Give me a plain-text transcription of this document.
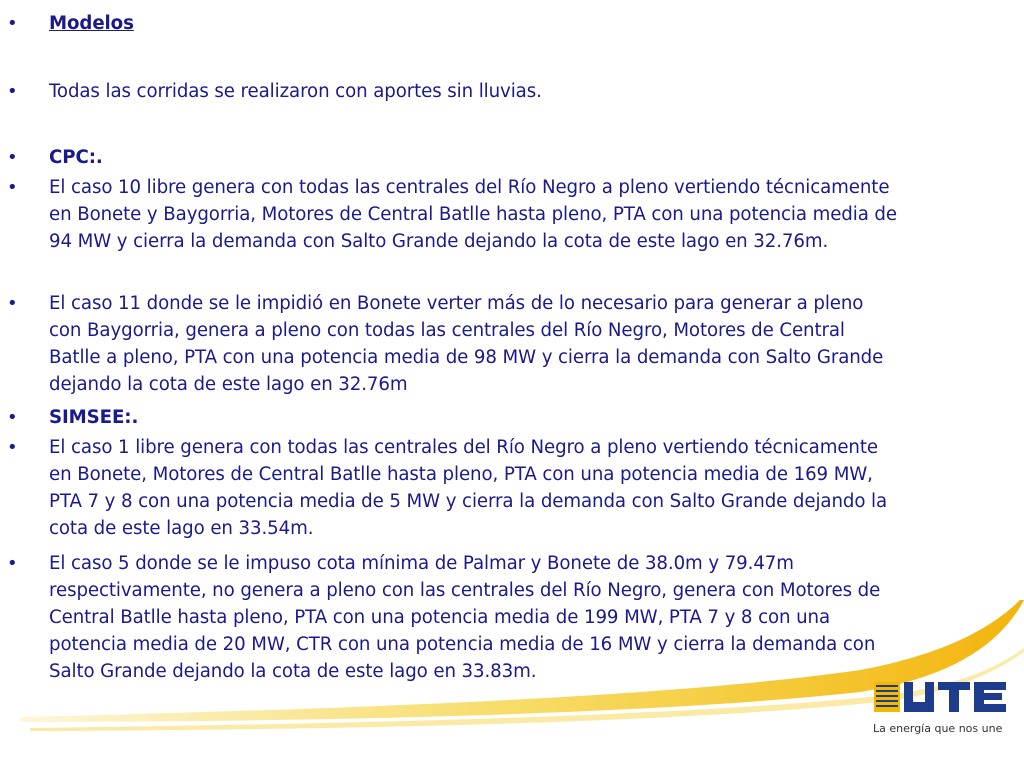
•	Modelos
•	Todas las corridas se realizaron con aportes sin lluvias.
•	CPC:.
•	El caso 10 libre genera con todas las centrales del Río Negro a pleno vertiendo técnicamente en Bonete y Baygorria, Motores de Central Batlle hasta pleno, PTA con una potencia media de 94 MW y cierra la demanda con Salto Grande dejando la cota de este lago en 32.76m.
•	El caso 11 donde se le impidió en Bonete verter más de lo necesario para generar a pleno con Baygorria, genera a pleno con todas las centrales del Río Negro, Motores de Central Batlle a pleno, PTA con una potencia media de 98 MW y cierra la demanda con Salto Grande dejando la cota de este lago en 32.76m
•	SIMSEE:.
•	El caso 1 libre genera con todas las centrales del Río Negro a pleno vertiendo técnicamente en Bonete, Motores de Central Batlle hasta pleno, PTA con una potencia media de 169 MW, PTA 7 y 8 con una potencia media de 5 MW y cierra la demanda con Salto Grande dejando la cota de este lago en 33.54m.
•	El caso 5 donde se le impuso cota mínima de Palmar y Bonete de 38.0m y 79.47m respectivamente, no genera a pleno con las centrales del Río Negro, genera con Motores de Central Batlle hasta pleno, PTA con una potencia media de 199 MW, PTA 7 y 8 con una potencia media de 20 MW, CTR con una potencia media de 16 MW y cierra la demanda con Salto Grande dejando la cota de este lago en 33.83m.
La energía que nos une
